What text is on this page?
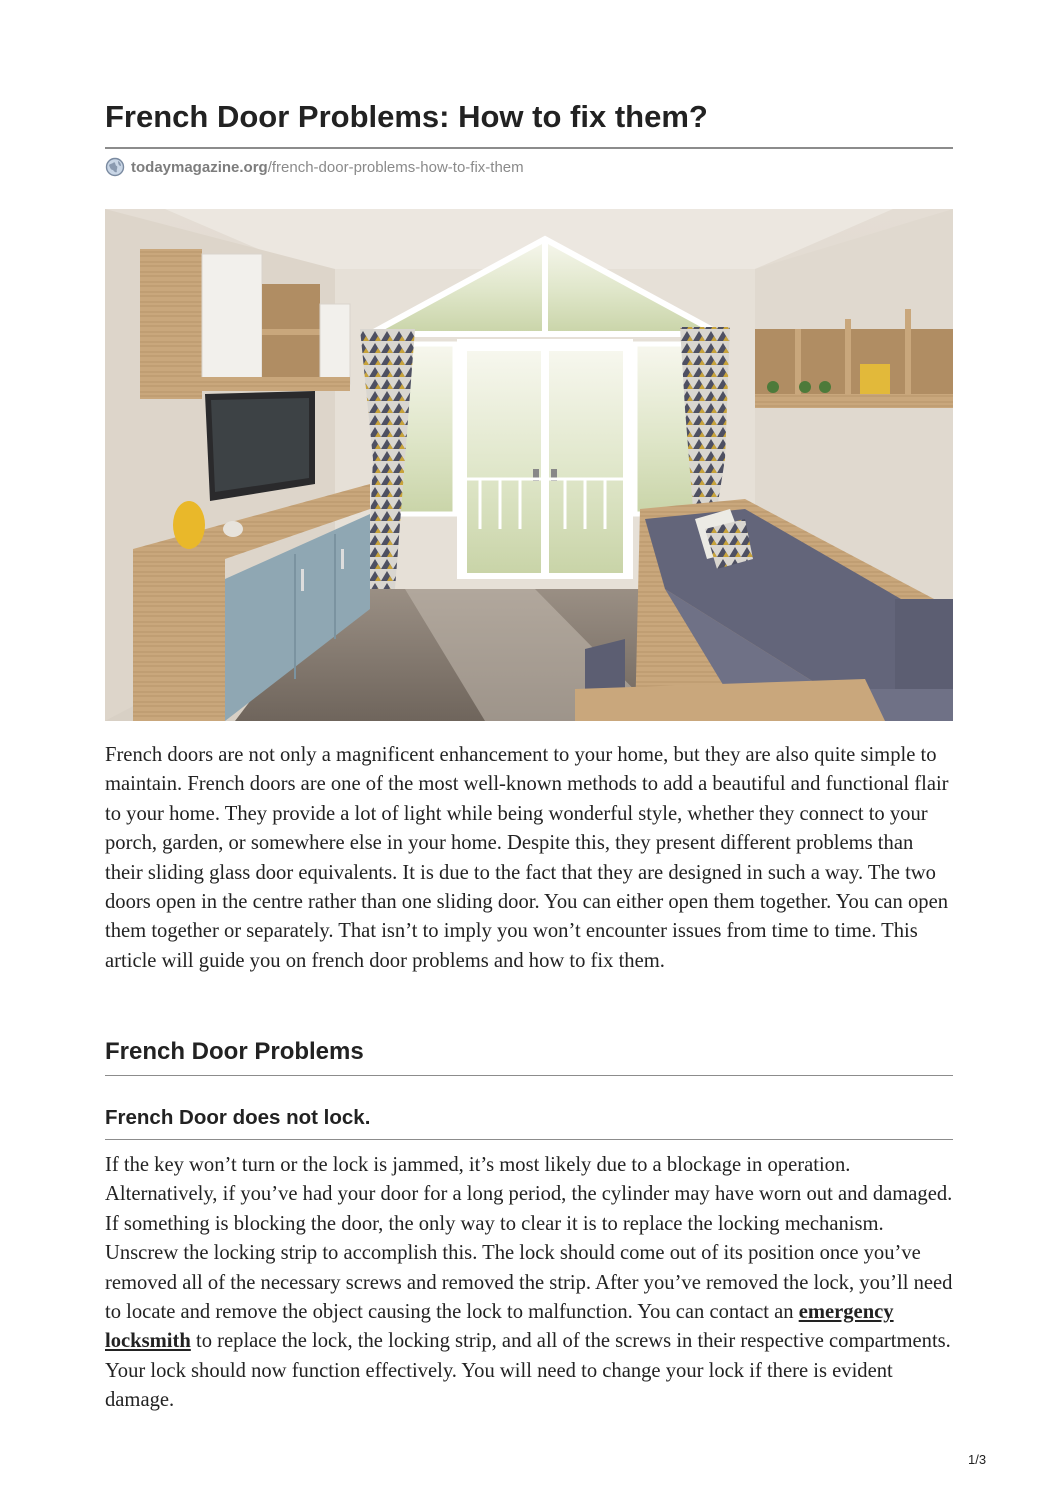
French Door Problems: How to fix them?
todaymagazine.org /french-door-problems-how-to-fix-them

French doors are not only a magnificent enhancement to your home, but they are also quite simple to maintain. French doors are one of the most well-known methods to add a beautiful and functional flair to your home. They provide a lot of light while being wonderful style, whether they connect to your porch, garden, or somewhere else in your home. Despite this, they present different problems than their sliding glass door equivalents. It is due to the fact that they are designed in such a way. The two doors open in the centre rather than one sliding door. You can either open them together. You can open them together or separately. That isn’t to imply you won’t encounter issues from time to time. This article will guide you on french door problems and how to fix them.

French Door Problems
French Door does not lock.

If the key won’t turn or the lock is jammed, it’s most likely due to a blockage in operation. Alternatively, if you’ve had your door for a long period, the cylinder may have worn out and damaged. If something is blocking the door, the only way to clear it is to replace the locking mechanism. Unscrew the locking strip to accomplish this. The lock should come out of its position once you’ve removed all of the necessary screws and removed the strip. After you’ve removed the lock, you’ll need to locate and remove the object causing the lock to malfunction. You can contact an emergency locksmith to replace the lock, the locking strip, and all of the screws in their respective compartments. Your lock should now function effectively. You will need to change your lock if there is evident damage.

1/3
